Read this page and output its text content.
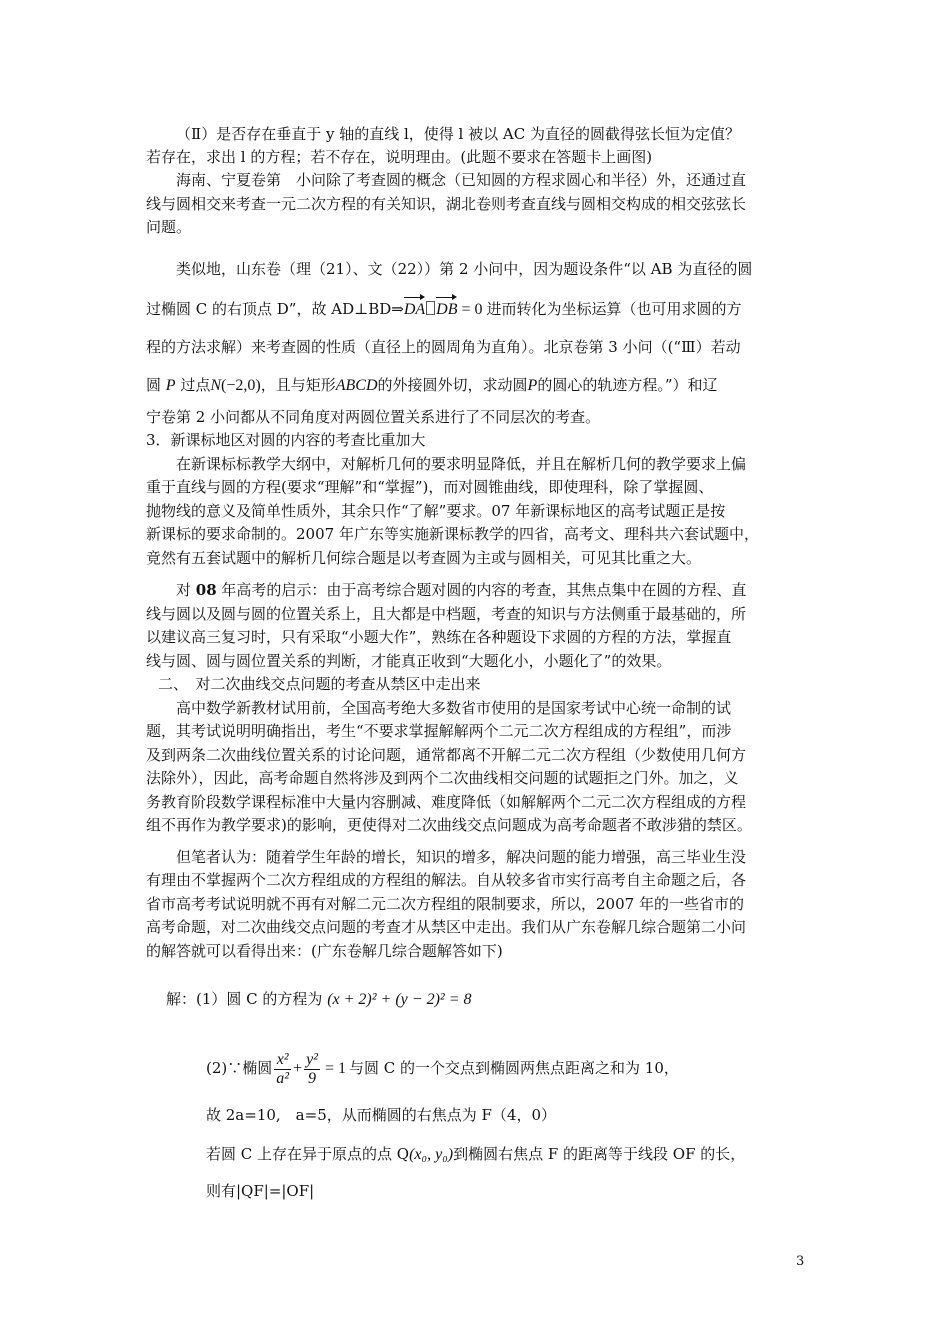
（Ⅱ）是否存在垂直于 y 轴的直线 l，使得 l 被以 AC 为直径的圆截得弦长恒为定值？
若存在，求出 l 的方程；若不存在，说明理由。(此题不要求在答题卡上画图)
海南、宁夏卷第　小问除了考查圆的概念（已知圆的方程求圆心和半径）外，还通过直
线与圆相交来考查一元二次方程的有关知识，湖北卷则考查直线与圆相交构成的相交弦弦长
问题。
类似地，山东卷（理（21）、文（22））第 2 小问中，因为题设条件“以 AB 为直径的圆
过椭圆 C 的右顶点 D”，故 AD⊥BD⇒DA DB = 0 进而转化为坐标运算（也可用求圆的方
程的方法求解）来考查圆的性质（直径上的圆周角为直角）。北京卷第 3 小问（(“Ⅲ）若动
圆 P 过点N(−2,0)，且与矩形ABCD的外接圆外切，求动圆P的圆心的轨迹方程。”）和辽
宁卷第 2 小问都从不同角度对两圆位置关系进行了不同层次的考查。
3．新课标地区对圆的内容的考查比重加大
在新课标标教学大纲中，对解析几何的要求明显降低，并且在解析几何的教学要求上偏
重于直线与圆的方程(要求“理解”和“掌握”)，而对圆锥曲线，即使理科，除了掌握圆、
抛物线的意义及简单性质外，其余只作“了解”要求。07 年新课标地区的高考试题正是按
新课标的要求命制的。2007 年广东等实施新课标教学的四省，高考文、理科共六套试题中，
竟然有五套试题中的解析几何综合题是以考查圆为主或与圆相关，可见其比重之大。
对 08 年高考的启示：由于高考综合题对圆的内容的考查，其焦点集中在圆的方程、直
线与圆以及圆与圆的位置关系上，且大都是中档题，考查的知识与方法侧重于最基础的，所
以建议高三复习时，只有采取“小题大作”，熟练在各种题设下求圆的方程的方法，掌握直
线与圆、圆与圆位置关系的判断，才能真正收到“大题化小，小题化了”的效果。
二、　对二次曲线交点问题的考查从禁区中走出来
高中数学新教材试用前，全国高考绝大多数省市使用的是国家考试中心统一命制的试
题，其考试说明明确指出，考生“不要求掌握解解两个二元二次方程组成的方程组”，而涉
及到两条二次曲线位置关系的讨论问题，通常都离不开解二元二次方程组（少数使用几何方
法除外），因此，高考命题自然将涉及到两个二次曲线相交问题的试题拒之门外。加之，义
务教育阶段数学课程标准中大量内容删减、难度降低（如解解两个二元二次方程组成的方程
组不再作为教学要求)的影响，更使得对二次曲线交点问题成为高考命题者不敢涉猎的禁区。
但笔者认为：随着学生年龄的增长，知识的增多，解决问题的能力增强，高三毕业生没
有理由不掌握两个二次方程组成的方程组的解法。自从较多省市实行高考自主命题之后，各
省市高考考试说明就不再有对解二元二次方程组的限制要求，所以，2007 年的一些省市的
高考命题，对二次曲线交点问题的考查才从禁区中走出。我们从广东卷解几综合题第二小问
的解答就可以看得出来：(广东卷解几综合题解答如下)
解：(1）圆 C 的方程为 (x + 2)² + (y − 2)² = 8
(2)∵椭圆 $\frac{\text{x²}}{\text{a²}} + \frac{\text{y²}}{9} = 1$ 与圆 C 的一个交点到椭圆两焦点距离之和为 10，
故 2a=10,　a=5，从而椭圆的右焦点为 F（4，0）
若圆 C 上存在异于原点的点 Q(x₀, y₀)到椭圆右焦点 F 的距离等于线段 OF 的长，
则有|QF|=|OF|
3
